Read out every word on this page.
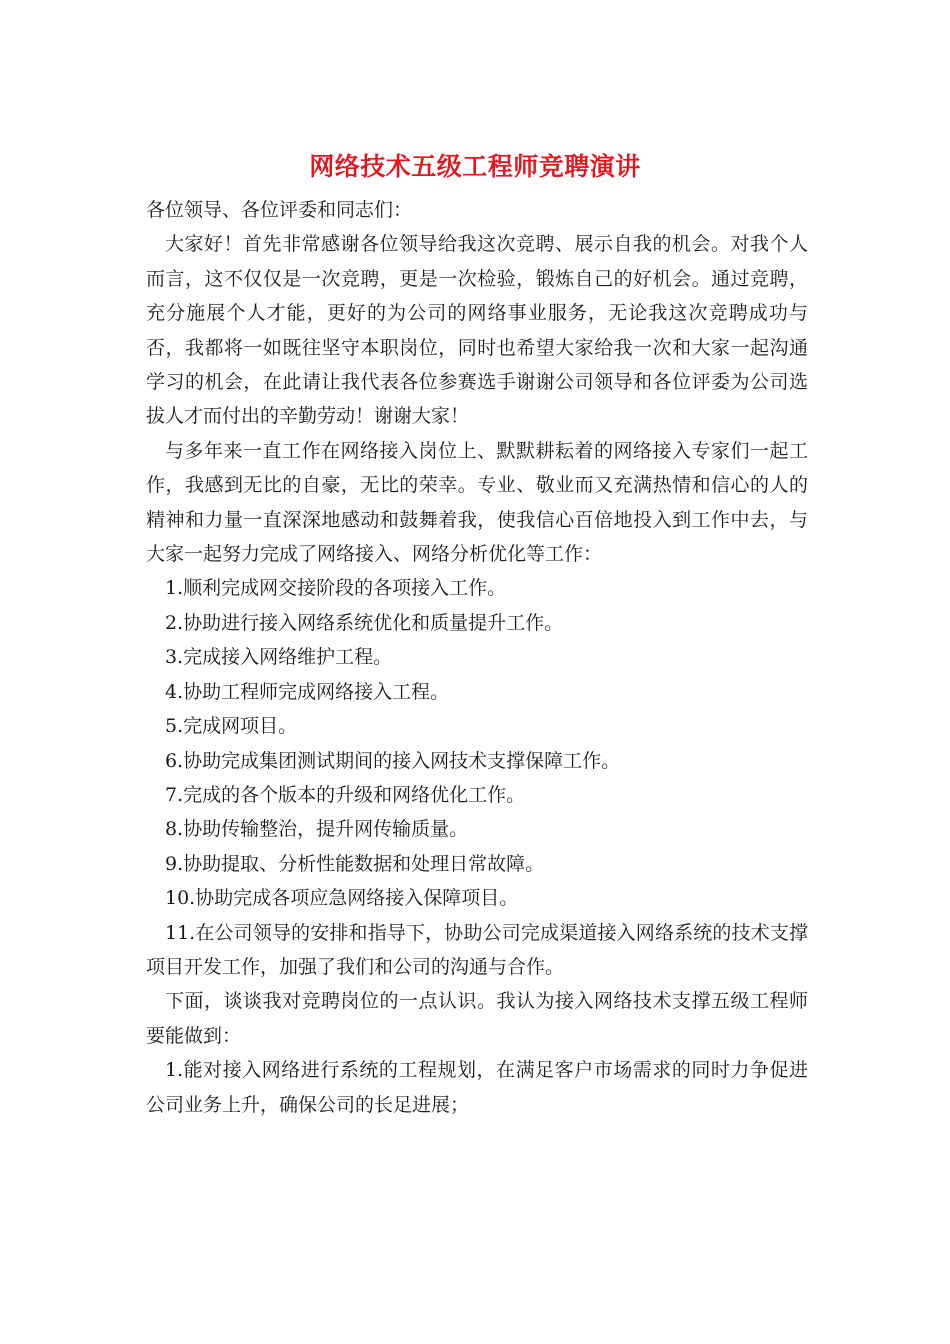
网络技术五级工程师竞聘演讲

各位领导、各位评委和同志们：

大家好！首先非常感谢各位领导给我这次竞聘、展示自我的机会。对我个人而言，这不仅仅是一次竞聘，更是一次检验，锻炼自己的好机会。通过竞聘，充分施展个人才能，更好的为公司的网络事业服务，无论我这次竞聘成功与否，我都将一如既往坚守本职岗位，同时也希望大家给我一次和大家一起沟通学习的机会，在此请让我代表各位参赛选手谢谢公司领导和各位评委为公司选拔人才而付出的辛勤劳动！谢谢大家！

与多年来一直工作在网络接入岗位上、默默耕耘着的网络接入专家们一起工作，我感到无比的自豪，无比的荣幸。专业、敬业而又充满热情和信心的人的精神和力量一直深深地感动和鼓舞着我，使我信心百倍地投入到工作中去，与大家一起努力完成了网络接入、网络分析优化等工作：

1.顺利完成网交接阶段的各项接入工作。

2.协助进行接入网络系统优化和质量提升工作。

3.完成接入网络维护工程。

4.协助工程师完成网络接入工程。

5.完成网项目。

6.协助完成集团测试期间的接入网技术支撑保障工作。

7.完成的各个版本的升级和网络优化工作。

8.协助传输整治，提升网传输质量。

9.协助提取、分析性能数据和处理日常故障。

10.协助完成各项应急网络接入保障项目。

11.在公司领导的安排和指导下，协助公司完成渠道接入网络系统的技术支撑项目开发工作，加强了我们和公司的沟通与合作。

下面，谈谈我对竞聘岗位的一点认识。我认为接入网络技术支撑五级工程师要能做到：

1.能对接入网络进行系统的工程规划，在满足客户市场需求的同时力争促进公司业务上升，确保公司的长足进展；
